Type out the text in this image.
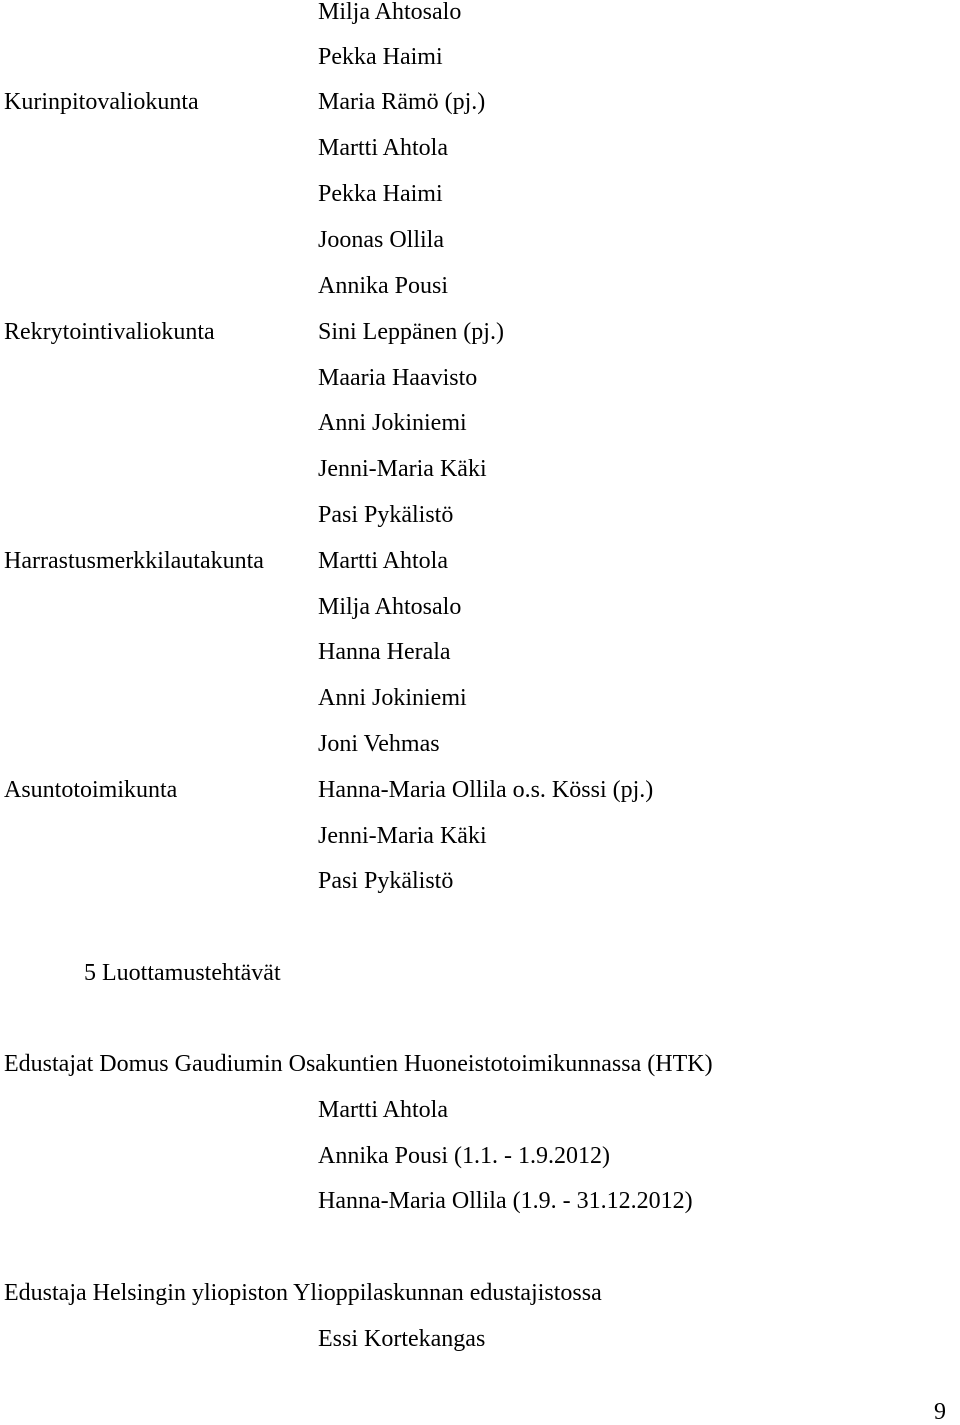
Milja Ahtosalo
Pekka Haimi
Kurinpitovaliokunta	Maria Rämö (pj.)
Martti Ahtola
Pekka Haimi
Joonas Ollila
Annika Pousi
Rekrytointivaliokunta	Sini Leppänen (pj.)
Maaria Haavisto
Anni Jokiniemi
Jenni-Maria Käki
Pasi Pykälistö
Harrastusmerkkilautakunta Martti Ahtola
Milja Ahtosalo
Hanna Herala
Anni Jokiniemi
Joni Vehmas
Asuntotoimikunta	Hanna-Maria Ollila o.s. Kössi (pj.)
Jenni-Maria Käki
Pasi Pykälistö
5 Luottamustehtävät
Edustajat Domus Gaudiumin Osakuntien Huoneistotoimikunnassa (HTK)
Martti Ahtola
Annika Pousi (1.1. - 1.9.2012)
Hanna-Maria Ollila (1.9. - 31.12.2012)
Edustaja Helsingin yliopiston Ylioppilaskunnan edustajistossa
Essi Kortekangas
9
